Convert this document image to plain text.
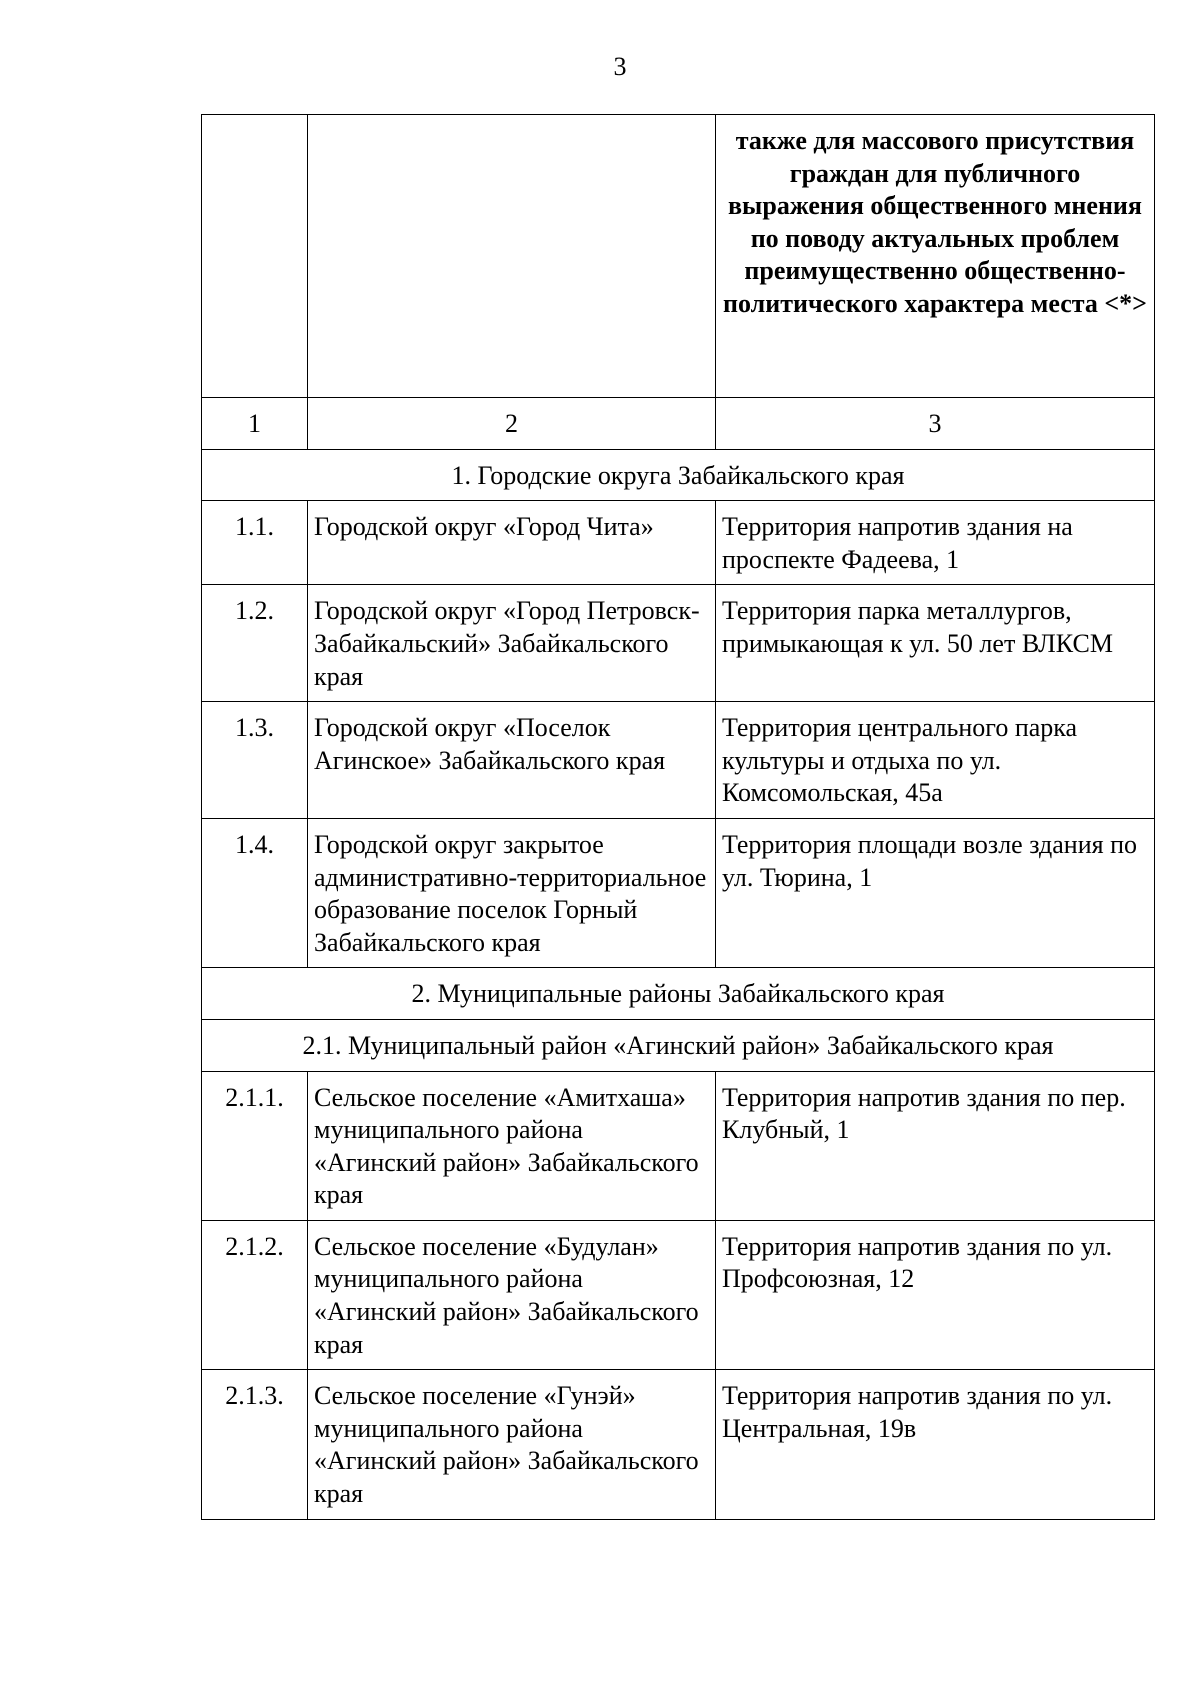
3
		также для массового присутствия граждан для публичного выражения общественного мнения по поводу актуальных проблем преимущественно общественно-политического характера места <*>
1	2	3
1. Городские округа Забайкальского края		
1.1.	Городской округ «Город Чита»	Территория напротив здания на проспекте Фадеева, 1
1.2.	Городской округ «Город Петровск-Забайкальский» Забайкальского края	Территория парка металлургов, примыкающая к ул. 50 лет ВЛКСМ
1.3.	Городской округ «Поселок Агинское» Забайкальского края	Территория центрального парка культуры и отдыха по ул. Комсомольская, 45а
1.4.	Городской округ закрытое административно-территориальное образование поселок Горный Забайкальского края	Территория площади возле здания по ул. Тюрина, 1
2. Муниципальные районы Забайкальского края		
2.1. Муниципальный район «Агинский район» Забайкальского края		
2.1.1.	Сельское поселение «Амитхаша» муниципального района «Агинский район» Забайкальского края	Территория напротив здания по пер. Клубный, 1
2.1.2.	Сельское поселение «Будулан» муниципального района «Агинский район» Забайкальского края	Территория напротив здания по ул. Профсоюзная, 12
2.1.3.	Сельское поселение «Гунэй» муниципального района «Агинский район» Забайкальского края	Территория напротив здания по ул. Центральная, 19в
